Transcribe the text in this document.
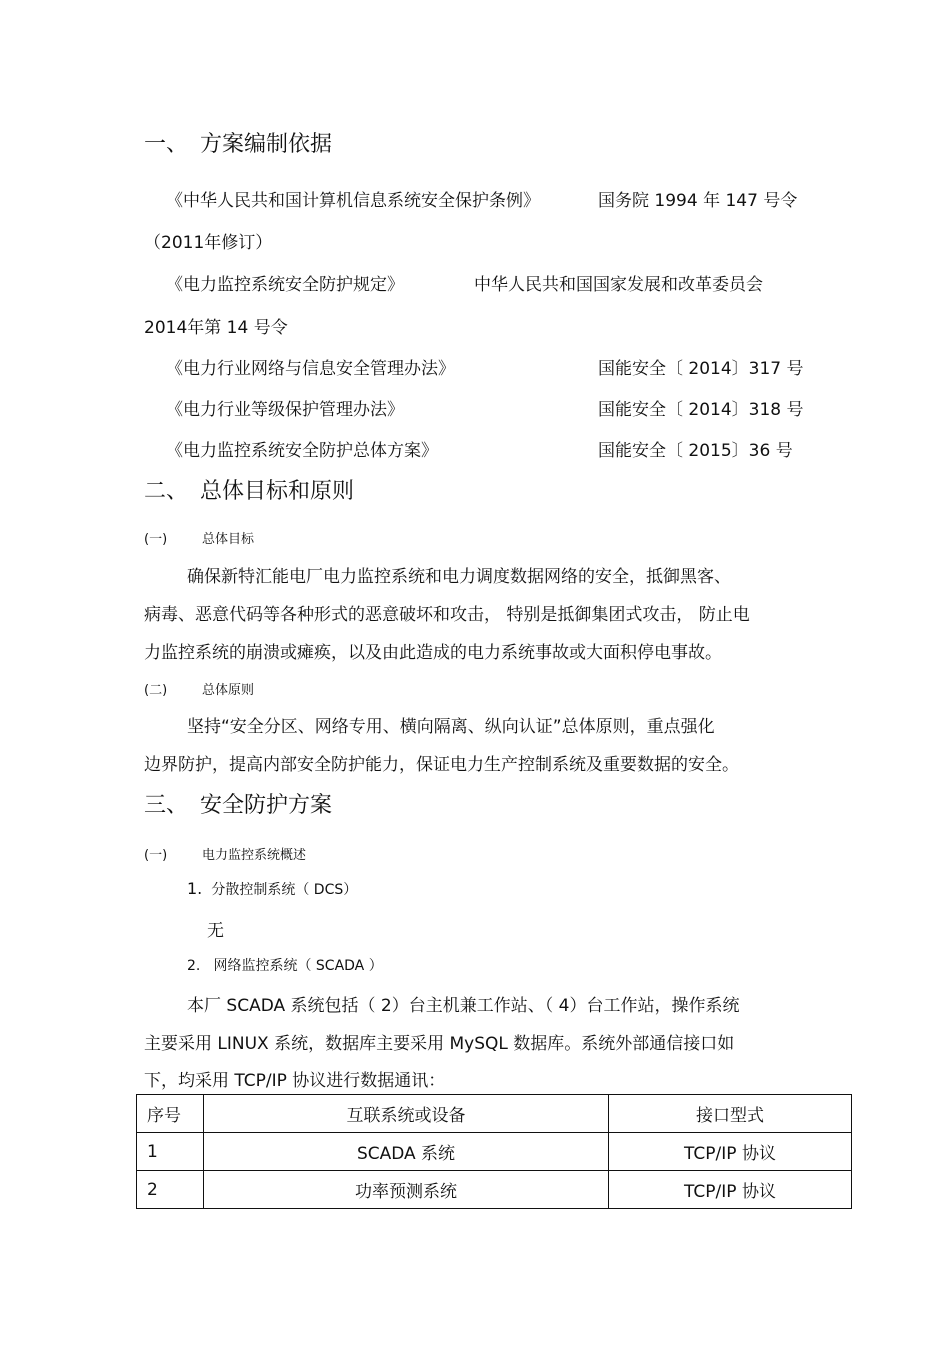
一、 方案编制依据
《中华人民共和国计算机信息系统安全保护条例》	国务院 1994 年 147 号令
（2011年修订）
《电力监控系统安全防护规定》	中华人民共和国国家发展和改革委员会
2014年第 14 号令
《电力行业网络与信息安全管理办法》	国能安全〔 2014〕317 号
《电力行业等级保护管理办法》	国能安全〔 2014〕318 号
《电力监控系统安全防护总体方案》	国能安全〔 2015〕36 号
二、 总体目标和原则
(一)	总体目标
确保新特汇能电厂电力监控系统和电力调度数据网络的安全，抵御黑客、
病毒、恶意代码等各种形式的恶意破坏和攻击， 特别是抵御集团式攻击， 防止电
力监控系统的崩溃或瘫痪，以及由此造成的电力系统事故或大面积停电事故。
(二)	总体原则
坚持“安全分区、网络专用、横向隔离、纵向认证”总体原则，重点强化
边界防护，提高内部安全防护能力，保证电力生产控制系统及重要数据的安全。
三、 安全防护方案
(一)	电力监控系统概述
1. 分散控制系统（ DCS）
无
2. 网络监控系统（ SCADA ）
本厂 SCADA 系统包括（ 2）台主机兼工作站、（ 4）台工作站，操作系统
主要采用 LINUX 系统，数据库主要采用 MySQL 数据库。系统外部通信接口如
下，均采用 TCP/IP 协议进行数据通讯：
序号	互联系统或设备	接口型式
1	SCADA 系统	TCP/IP 协议
2	功率预测系统	TCP/IP 协议
